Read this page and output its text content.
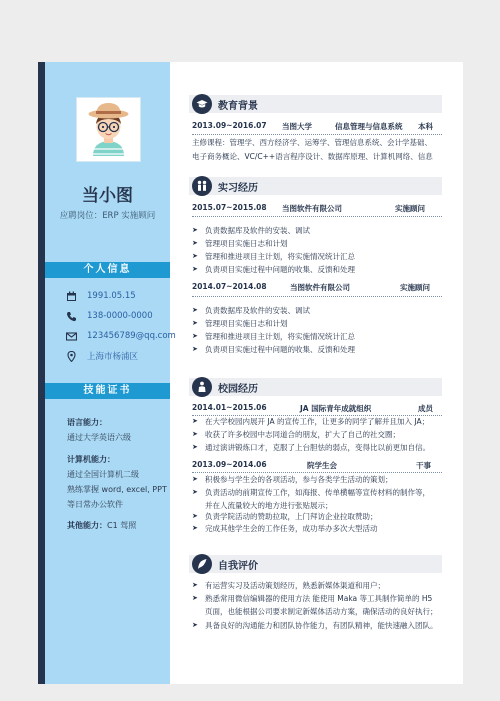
当小图
应聘岗位：ERP 实施顾问
个人信息
1991.05.15
138-0000-0000
123456789@qq.com
上海市杨浦区
技能证书
语言能力：
通过大学英语六级
计算机能力：
通过全国计算机二级
熟练掌握 word, excel, PPT
等日常办公软件
其他能力：C1 驾照
教育背景
2013.09~2016.07 当图大学	信息管理与信息系统 本科
主修课程：管理学、西方经济学、运筹学、管理信息系统、会计学基础、
电子商务概论、VC/C++语言程序设计、数据库原理、计算机网络、信息
实习经历
2015.07~2015.08 当图软件有限公司	实施顾问
➤ 负责数据库及软件的安装、调试
➤ 管理项目实施日志和计划
➤ 管理和推进项目主计划，将实施情况统计汇总
➤ 负责项目实施过程中问题的收集、反馈和处理
2014.07~2014.08	当图软件有限公司	实施顾问
➤ 负责数据库及软件的安装、调试
➤ 管理项目实施日志和计划
➤ 管理和推进项目主计划，将实施情况统计汇总
➤ 负责项目实施过程中问题的收集、反馈和处理
校园经历
2014.01~2015.06	JA 国际青年成就组织	成员
➤ 在大学校园内展开 JA 的宣传工作，让更多的同学了解并且加入 JA；
➤ 收获了许多校园中志同道合的朋友，扩大了自己的社交圈；
➤ 通过演讲锻炼口才，克服了上台胆怯的弱点，变得比以前更加自信。
2013.09~2014.06	院学生会	干事
➤ 积极参与学生会的各项活动，参与各类学生活动的策划；
➤ 负责活动的前期宣传工作，如海报、传单横幅等宣传材料的制作等，
并在人流量较大的地方进行张贴展示；
➤ 负责学院活动的赞助拉取，上门拜访企业拉取赞助；
➤ 完成其他学生会的工作任务，成功举办多次大型活动
自我评价
➤ 有运营实习及活动策划经历，熟悉新媒体渠道和用户；
➤ 熟悉常用微信编辑器的使用方法 能使用 Maka 等工具制作简单的 H5
页面，也能根据公司要求制定新媒体活动方案，确保活动的良好执行；
➤ 具备良好的沟通能力和团队协作能力，有团队精神，能快速融入团队。
